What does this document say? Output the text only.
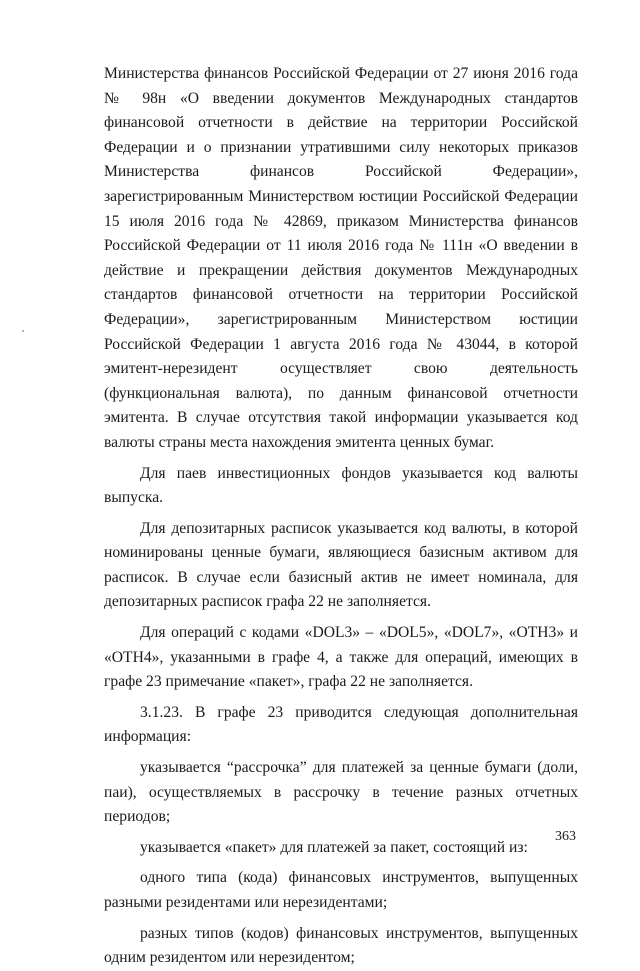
Министерства финансов Российской Федерации от 27 июня 2016 года № 98н «О введении документов Международных стандартов финансовой отчетности в действие на территории Российской Федерации и о признании утратившими силу некоторых приказов Министерства финансов Российской Федерации», зарегистрированным Министерством юстиции Российской Федерации 15 июля 2016 года № 42869, приказом Министерства финансов Российской Федерации от 11 июля 2016 года № 111н «О введении в действие и прекращении действия документов Международных стандартов финансовой отчетности на территории Российской Федерации», зарегистрированным Министерством юстиции Российской Федерации 1 августа 2016 года № 43044, в которой эмитент-нерезидент осуществляет свою деятельность (функциональная валюта), по данным финансовой отчетности эмитента. В случае отсутствия такой информации указывается код валюты страны места нахождения эмитента ценных бумаг.

Для паев инвестиционных фондов указывается код валюты выпуска.

Для депозитарных расписок указывается код валюты, в которой номинированы ценные бумаги, являющиеся базисным активом для расписок. В случае если базисный актив не имеет номинала, для депозитарных расписок графа 22 не заполняется.

Для операций с кодами «DOL3» – «DOL5», «DOL7», «OTH3» и «OTH4», указанными в графе 4, а также для операций, имеющих в графе 23 примечание «пакет», графа 22 не заполняется.

3.1.23. В графе 23 приводится следующая дополнительная информация:

указывается “рассрочка” для платежей за ценные бумаги (доли, паи), осуществляемых в рассрочку в течение разных отчетных периодов;

указывается «пакет» для платежей за пакет, состоящий из:

одного типа (кода) финансовых инструментов, выпущенных разными резидентами или нерезидентами;

разных типов (кодов) финансовых инструментов, выпущенных одним резидентом или нерезидентом;

363
